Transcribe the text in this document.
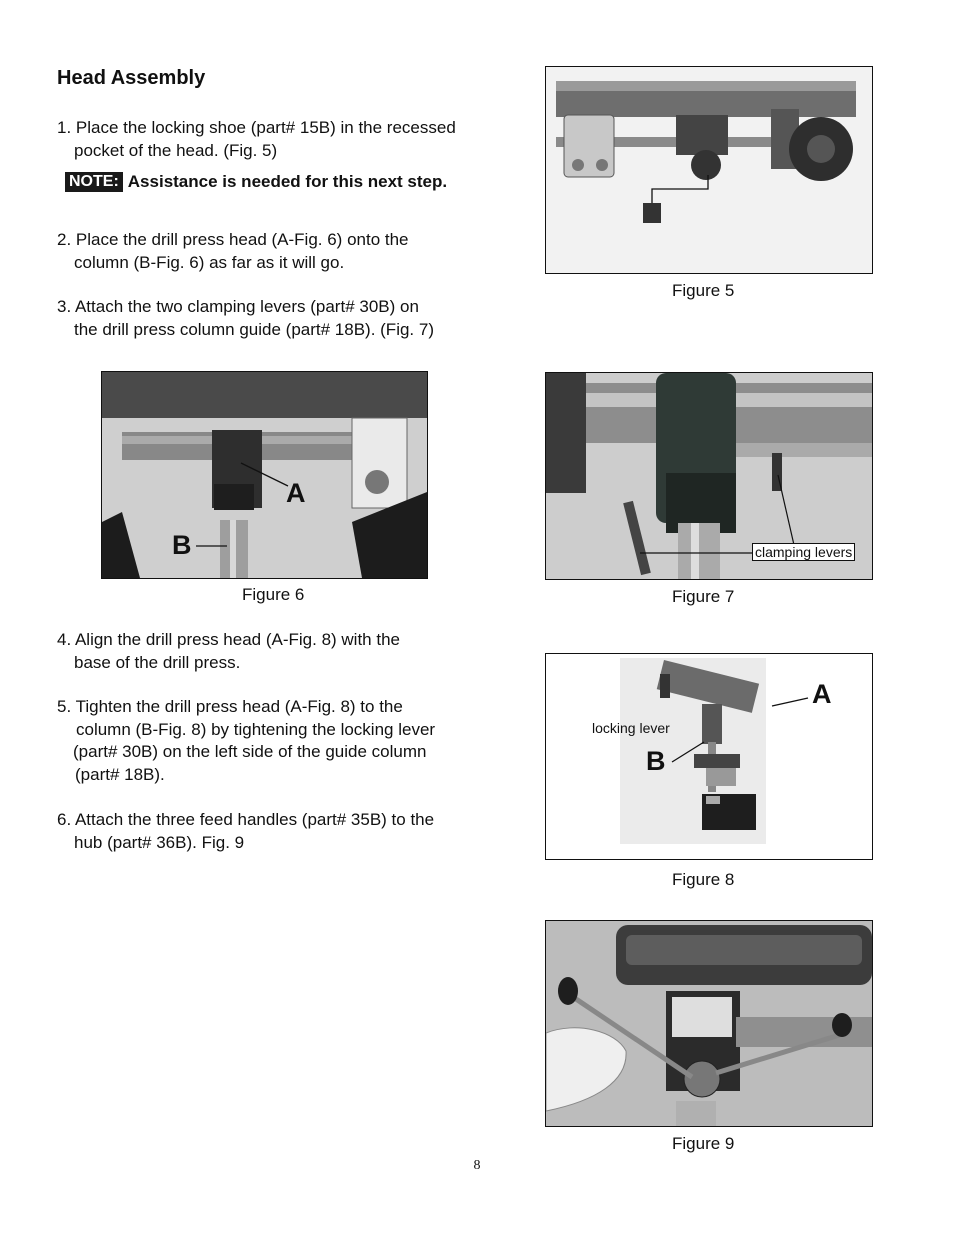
Head Assembly
1. Place the locking shoe (part# 15B) in the recessed
pocket of the head. (Fig. 5)
NOTE: Assistance is needed for this next step.
2. Place the drill press head (A-Fig. 6) onto the
column (B-Fig. 6) as far as it will go.
3. Attach the two clamping levers (part# 30B) on
the drill press column guide (part# 18B). (Fig. 7)
4. Align the drill press head (A-Fig. 8) with the
base of the drill press.
5. Tighten the drill press head (A-Fig. 8) to the
column (B-Fig. 8) by tightening the locking lever
(part# 30B) on the left side of the guide column
(part# 18B).
6. Attach the three feed handles (part# 35B) to the
hub (part# 36B). Fig. 9
Figure 5
A
B
Figure 6
clamping levers
Figure 7
A
B
locking lever
Figure 8
Figure 9
8
